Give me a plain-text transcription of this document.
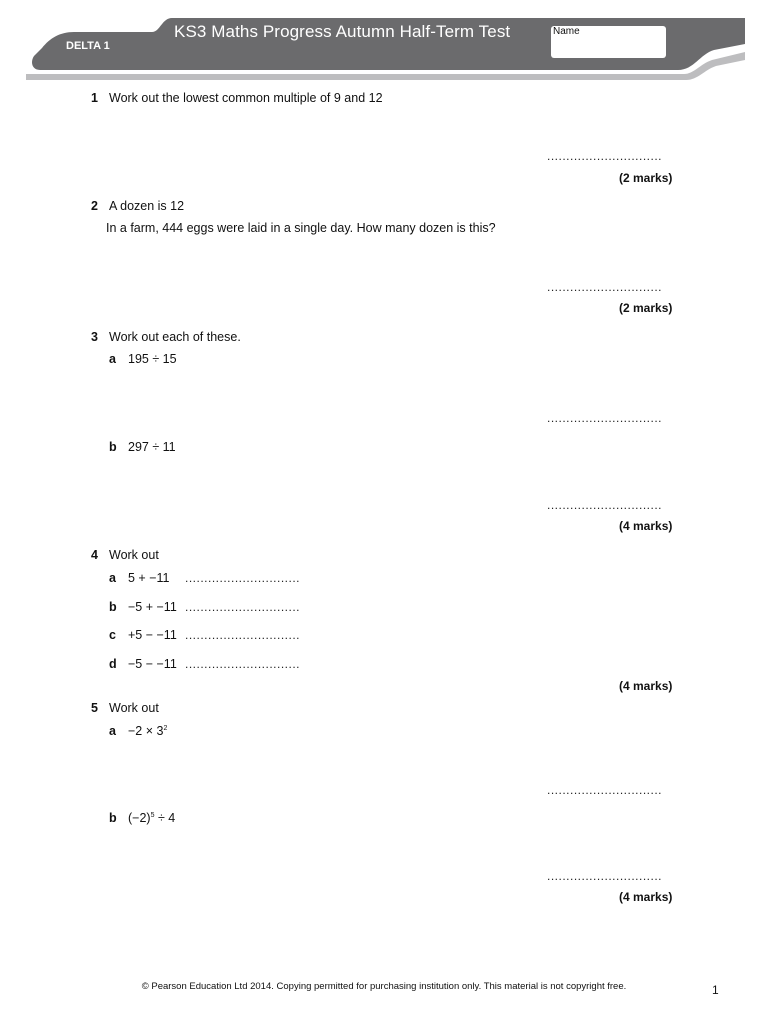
KS3 Maths Progress Autumn Half-Term Test
DELTA 1
Name
1 Work out the lowest common multiple of 9 and 12
..............................
(2 marks)
2 A dozen is 12
In a farm, 444 eggs were laid in a single day. How many dozen is this?
..............................
(2 marks)
3 Work out each of these.
a 195 ÷ 15
..............................
b 297 ÷ 11
..............................
(4 marks)
4 Work out
a 5 + −11 ..............................
b −5 + −11 ..............................
c +5 − −11 ..............................
d −5 − −11 ..............................
(4 marks)
5 Work out
$a -2 \times 3^2$
..............................
b $(-2)^5 \div 4$
..............................
(4 marks)
© Pearson Education Ltd 2014. Copying permitted for purchasing institution only. This material is not copyright free.	1
